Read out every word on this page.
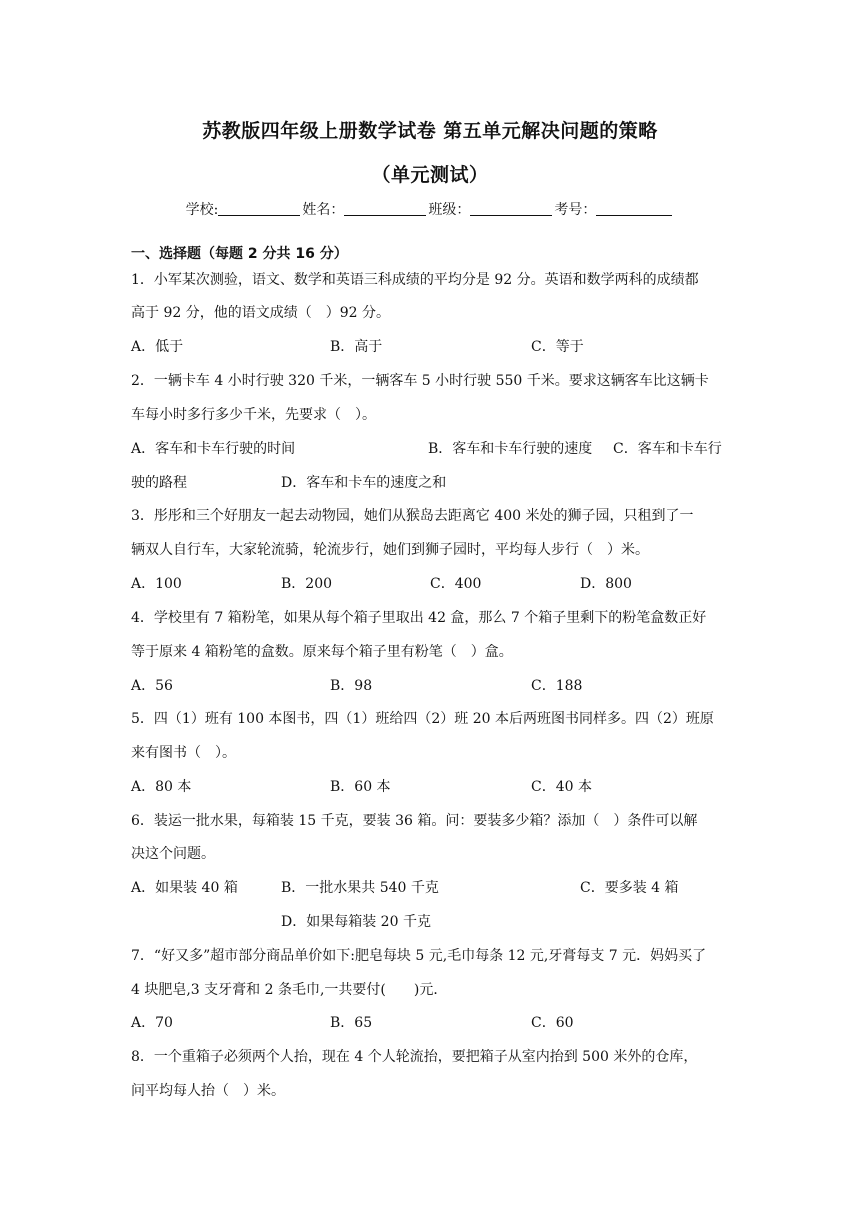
苏教版四年级上册数学试卷 第五单元解决问题的策略
（单元测试）
学校:	姓名：	班级：	考号：
一、选择题（每题 2 分共 16 分）
1．小军某次测验，语文、数学和英语三科成绩的平均分是 92 分。英语和数学两科的成绩都
高于 92 分，他的语文成绩（　）92 分。
A．低于	B．高于	C．等于
2．一辆卡车 4 小时行驶 320 千米，一辆客车 5 小时行驶 550 千米。要求这辆客车比这辆卡
车每小时多行多少千米，先要求（　）。
A．客车和卡车行驶的时间	B．客车和卡车行驶的速度 C．客车和卡车行
驶的路程	D．客车和卡车的速度之和
3．彤彤和三个好朋友一起去动物园，她们从猴岛去距离它 400 米处的狮子园，只租到了一
辆双人自行车，大家轮流骑，轮流步行，她们到狮子园时，平均每人步行（　）米。
A．100	B．200	C．400	D．800
4．学校里有 7 箱粉笔，如果从每个箱子里取出 42 盒，那么 7 个箱子里剩下的粉笔盒数正好
等于原来 4 箱粉笔的盒数。原来每个箱子里有粉笔（　）盒。
A．56	B．98	C．188
5．四（1）班有 100 本图书，四（1）班给四（2）班 20 本后两班图书同样多。四（2）班原
来有图书（　）。
A．80 本	B．60 本	C．40 本
6．装运一批水果，每箱装 15 千克，要装 36 箱。问：要装多少箱？添加（　）条件可以解
决这个问题。
A．如果装 40 箱	B．一批水果共 540 千克	C．要多装 4 箱
D．如果每箱装 20 千克
7．“好又多”超市部分商品单价如下:肥皂每块 5 元,毛巾每条 12 元,牙膏每支 7 元．妈妈买了
4 块肥皂,3 支牙膏和 2 条毛巾,一共要付(　　)元．
A．70	B．65	C．60
8．一个重箱子必须两个人抬，现在 4 个人轮流抬，要把箱子从室内抬到 500 米外的仓库，
问平均每人抬（　）米。
